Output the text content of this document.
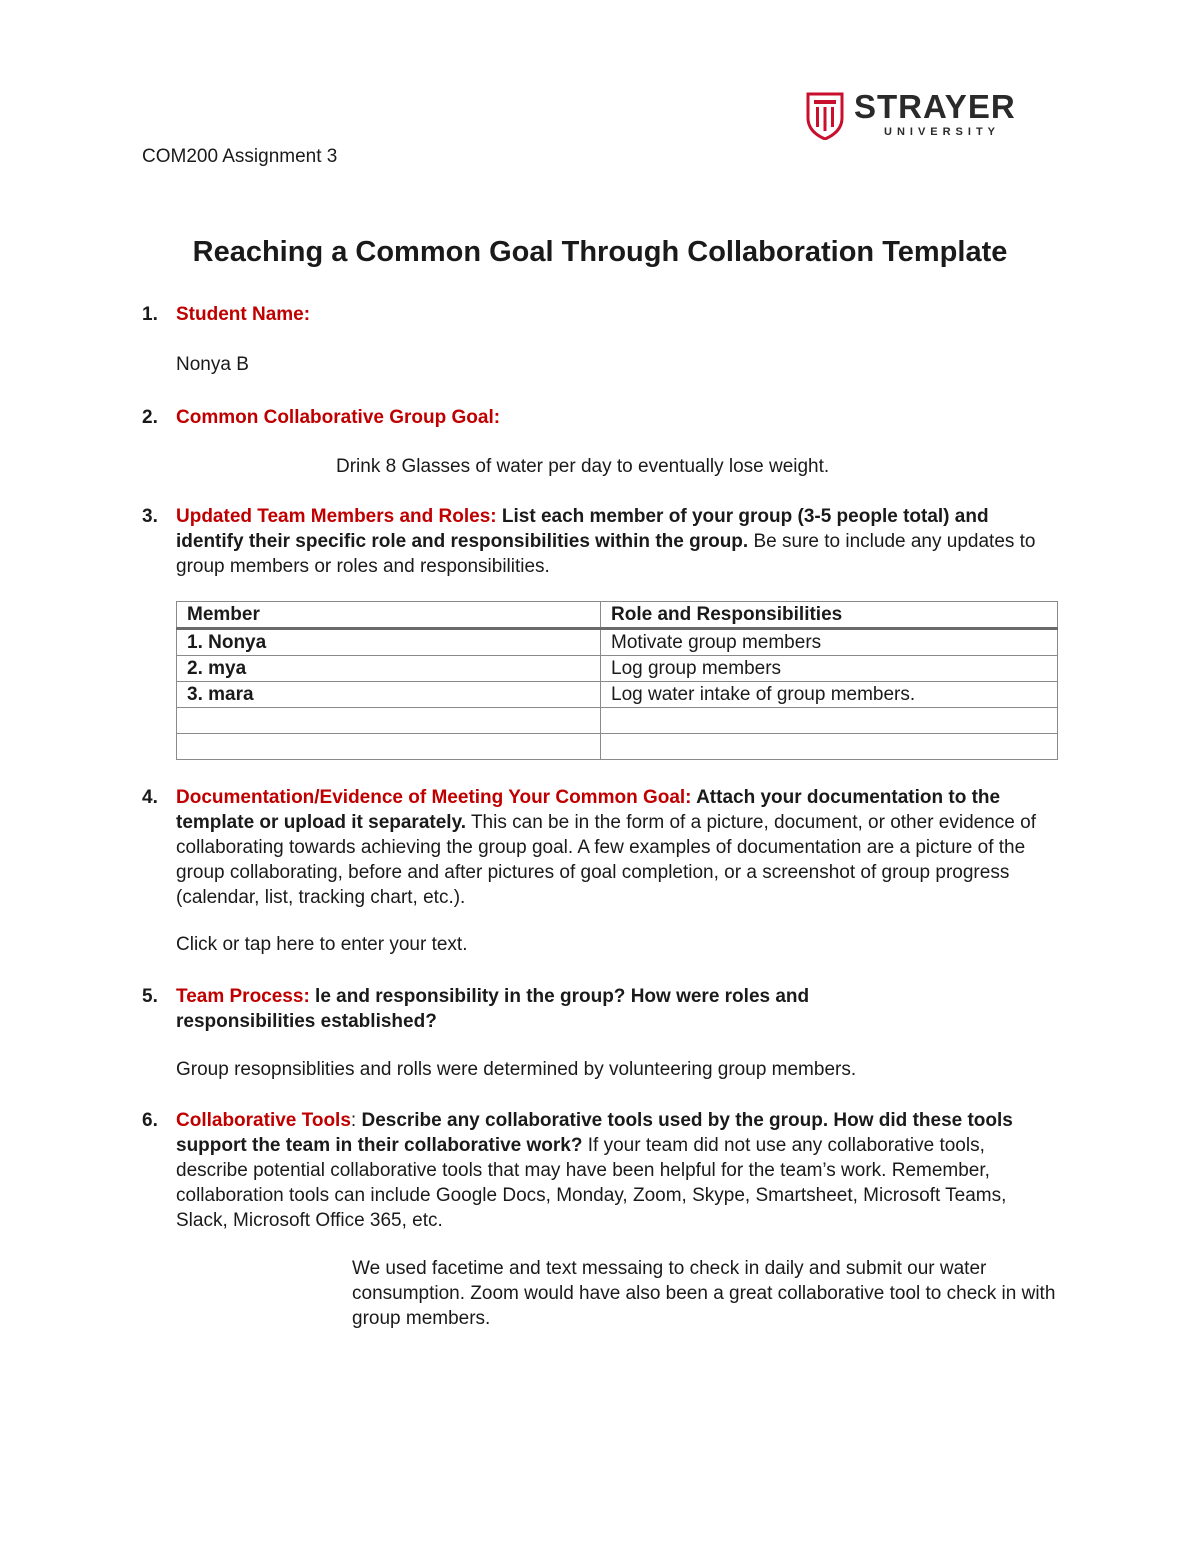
STRAYER
UNIVERSITY
COM200 Assignment 3
Reaching a Common Goal Through Collaboration Template
1. Student Name:
Nonya B
2. Common Collaborative Group Goal:
Drink 8 Glasses of water per day to eventually lose weight.
3. Updated Team Members and Roles: List each member of your group (3-5 people total) and identify their specific role and responsibilities within the group. Be sure to include any updates to group members or roles and responsibilities.
Member	Role and Responsibilities
1. Nonya	Motivate group members
2. mya	Log group members
3. mara	Log water intake of group members.

4. Documentation/Evidence of Meeting Your Common Goal: Attach your documentation to the template or upload it separately. This can be in the form of a picture, document, or other evidence of collaborating towards achieving the group goal. A few examples of documentation are a picture of the group collaborating, before and after pictures of goal completion, or a screenshot of group progress (calendar, list, tracking chart, etc.).
Click or tap here to enter your text.
5. Team Process: le and responsibility in the group? How were roles and responsibilities established?
Group resopnsiblities and rolls were determined by volunteering group members.
6. Collaborative Tools: Describe any collaborative tools used by the group. How did these tools support the team in their collaborative work? If your team did not use any collaborative tools, describe potential collaborative tools that may have been helpful for the team’s work. Remember, collaboration tools can include Google Docs, Monday, Zoom, Skype, Smartsheet, Microsoft Teams, Slack, Microsoft Office 365, etc.
We used facetime and text messaing to check in daily and submit our water consumption. Zoom would have also been a great collaborative tool to check in with group members.
